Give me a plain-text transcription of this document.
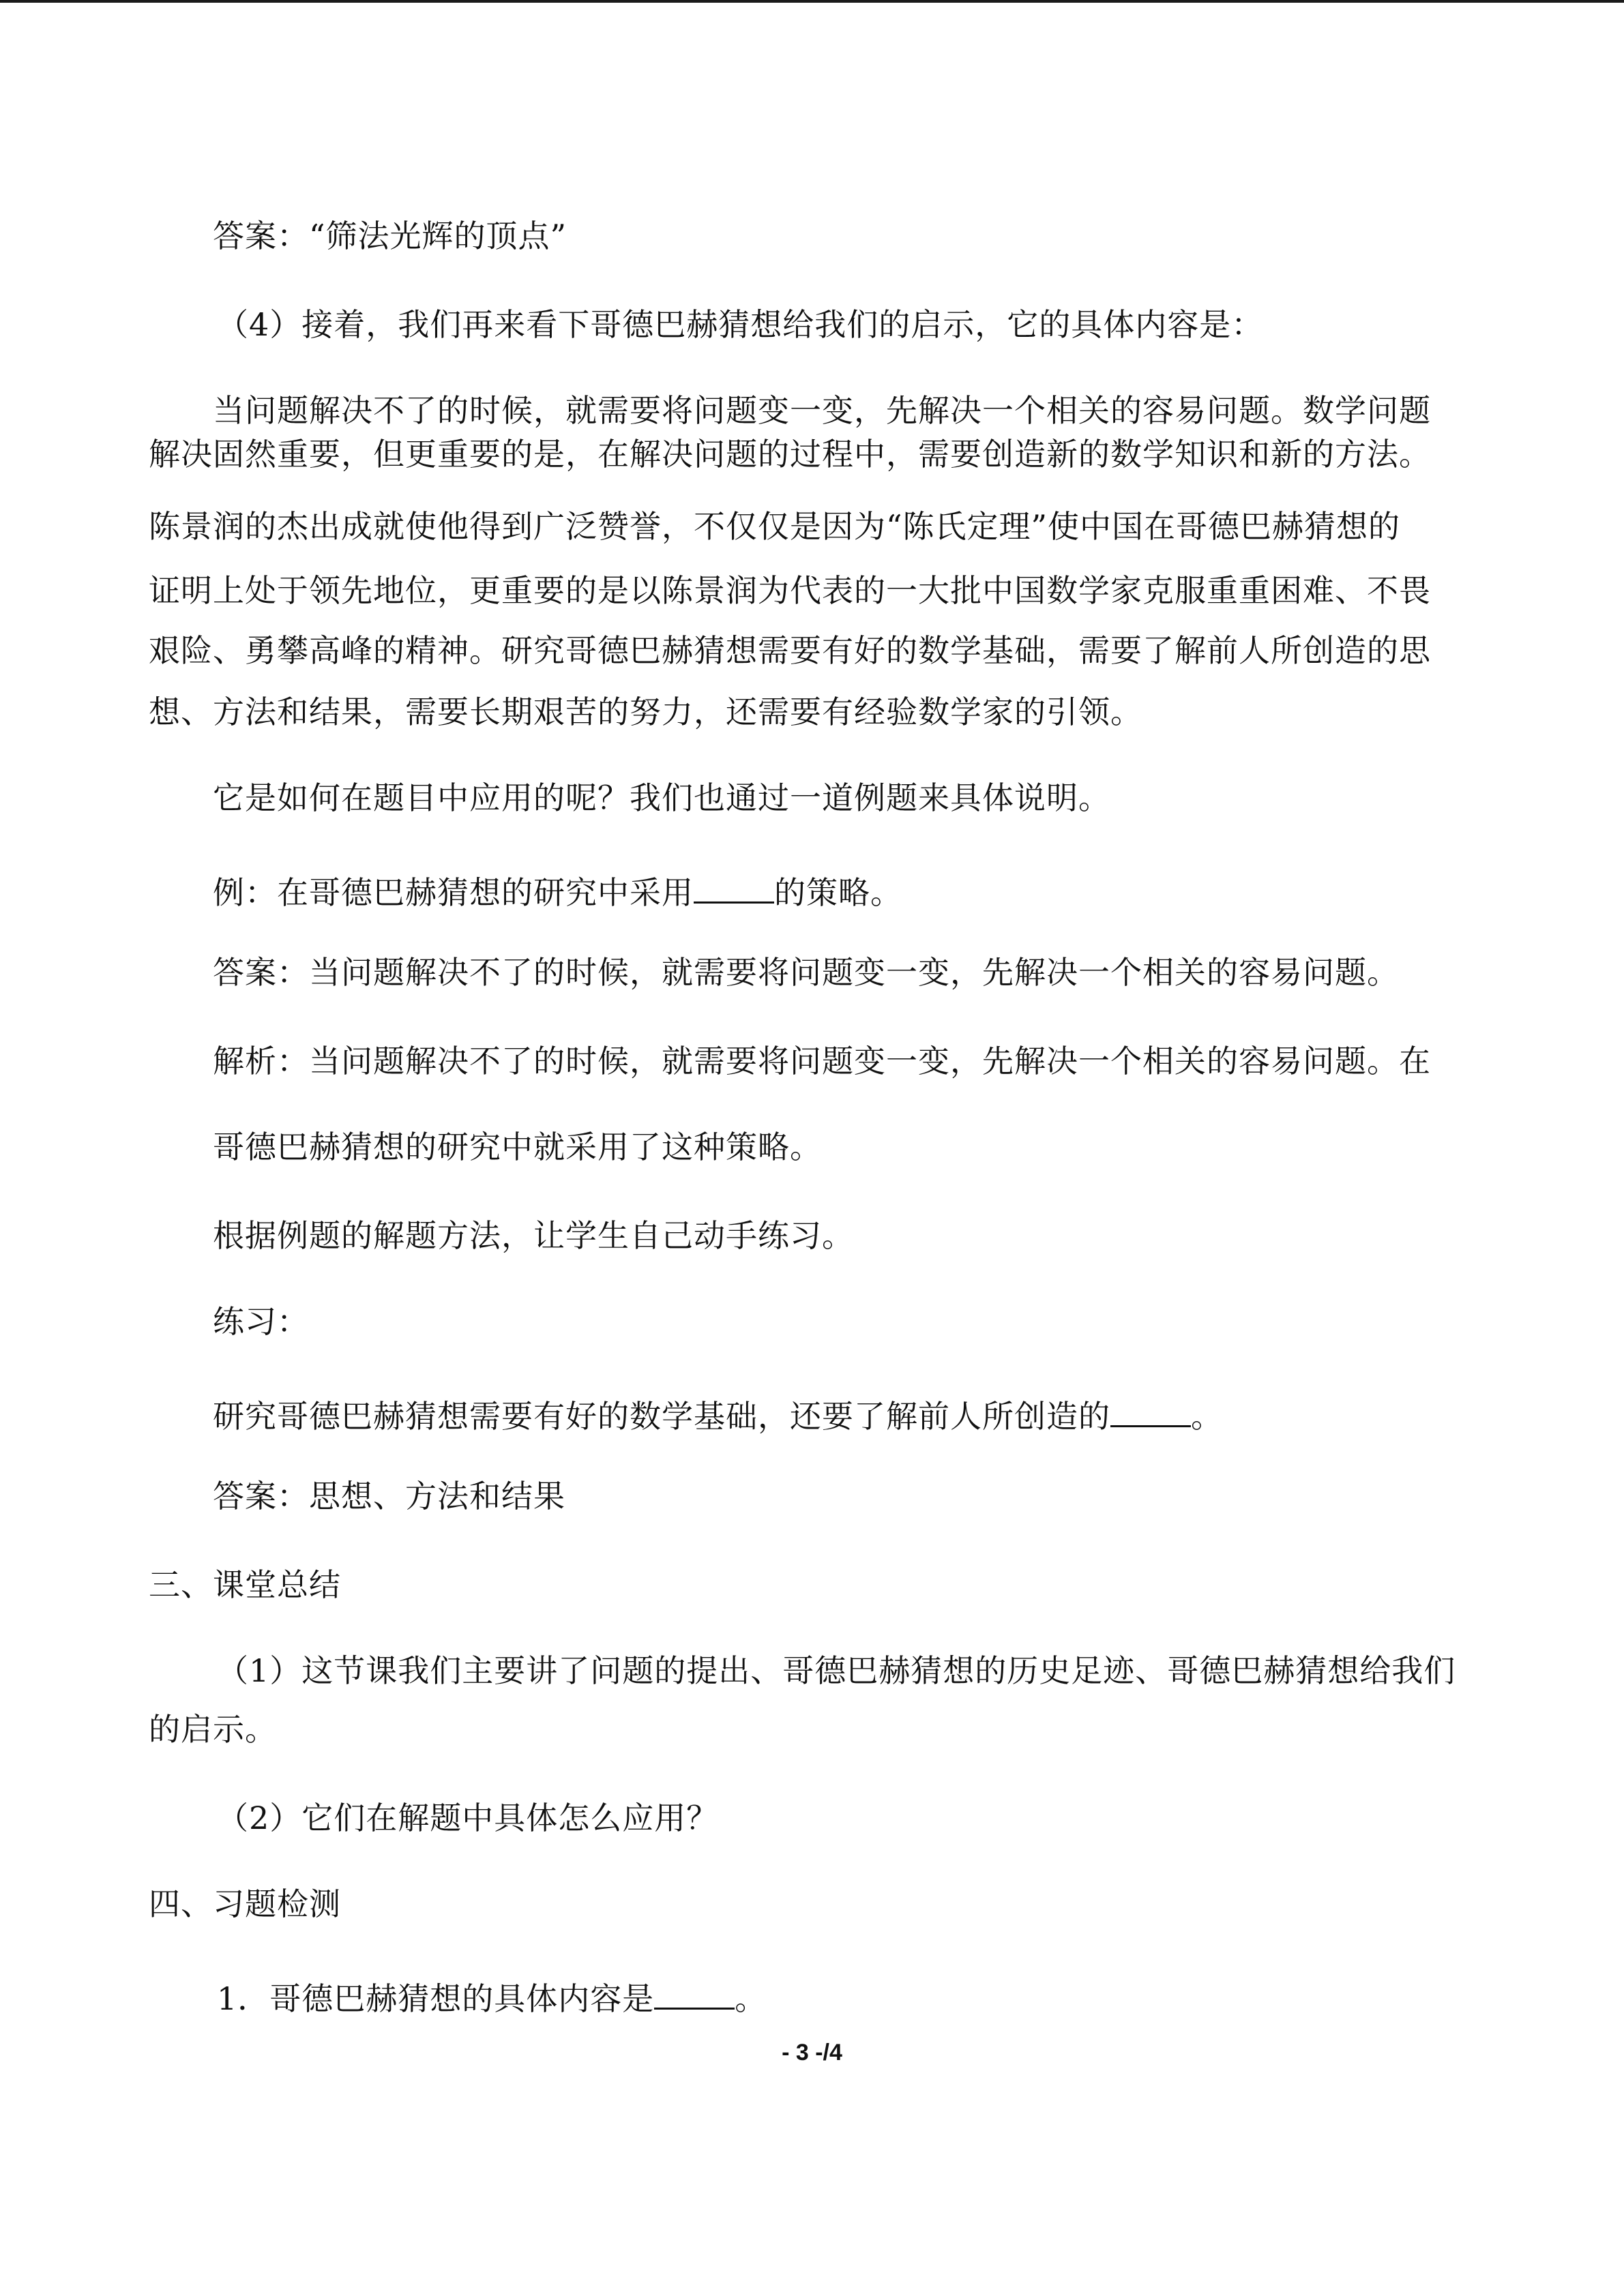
答案：“筛法光辉的顶点”
（4）接着，我们再来看下哥德巴赫猜想给我们的启示，它的具体内容是：
当问题解决不了的时候，就需要将问题变一变，先解决一个相关的容易问题。数学问题
解决固然重要，但更重要的是，在解决问题的过程中，需要创造新的数学知识和新的方法。
陈景润的杰出成就使他得到广泛赞誉，不仅仅是因为“陈氏定理”使中国在哥德巴赫猜想的
证明上处于领先地位，更重要的是以陈景润为代表的一大批中国数学家克服重重困难、不畏
艰险、勇攀高峰的精神。研究哥德巴赫猜想需要有好的数学基础，需要了解前人所创造的思
想、方法和结果，需要长期艰苦的努力，还需要有经验数学家的引领。
它是如何在题目中应用的呢？我们也通过一道例题来具体说明。
例：在哥德巴赫猜想的研究中采用	的策略。
答案：当问题解决不了的时候，就需要将问题变一变，先解决一个相关的容易问题。
解析：当问题解决不了的时候，就需要将问题变一变，先解决一个相关的容易问题。在
哥德巴赫猜想的研究中就采用了这种策略。
根据例题的解题方法，让学生自己动手练习。
练习：
研究哥德巴赫猜想需要有好的数学基础，还要了解前人所创造的	。
答案：思想、方法和结果
三、课堂总结
（1）这节课我们主要讲了问题的提出、哥德巴赫猜想的历史足迹、哥德巴赫猜想给我们
的启示。
（2）它们在解题中具体怎么应用？
四、习题检测
1．哥德巴赫猜想的具体内容是	。
- 3 -/4
